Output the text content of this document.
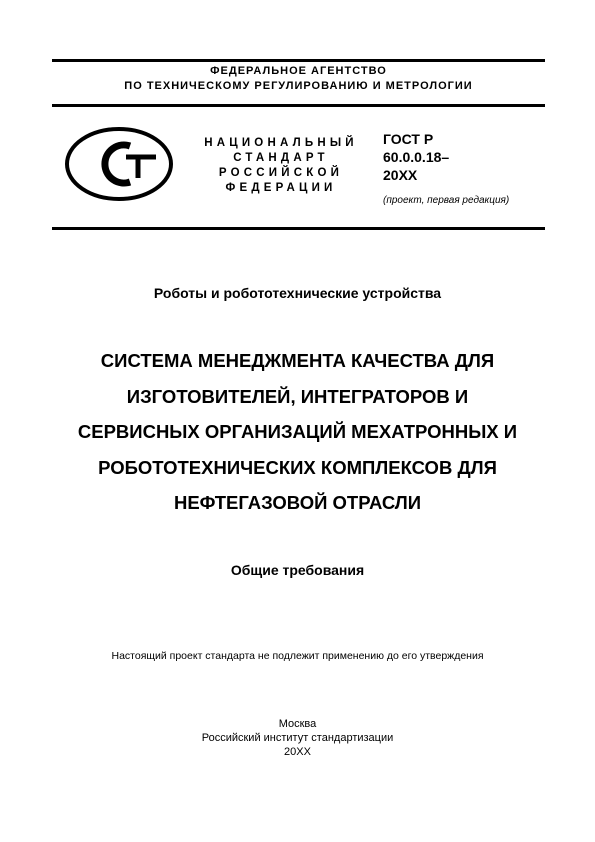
ФЕДЕРАЛЬНОЕ АГЕНТСТВО
ПО ТЕХНИЧЕСКОМУ РЕГУЛИРОВАНИЮ И МЕТРОЛОГИИ
НАЦИОНАЛЬНЫЙ
СТАНДАРТ
РОССИЙСКОЙ
ФЕДЕРАЦИИ
ГОСТ Р
60.0.0.18–
20XX
(проект, первая редакция)
Роботы и робототехнические устройства
СИСТЕМА МЕНЕДЖМЕНТА КАЧЕСТВА ДЛЯ
ИЗГОТОВИТЕЛЕЙ, ИНТЕГРАТОРОВ И
СЕРВИСНЫХ ОРГАНИЗАЦИЙ МЕХАТРОННЫХ И
РОБОТОТЕХНИЧЕСКИХ КОМПЛЕКСОВ ДЛЯ
НЕФТЕГАЗОВОЙ ОТРАСЛИ
Общие требования
Настоящий проект стандарта не подлежит применению до его утверждения
Москва
Российский институт стандартизации
20XX
